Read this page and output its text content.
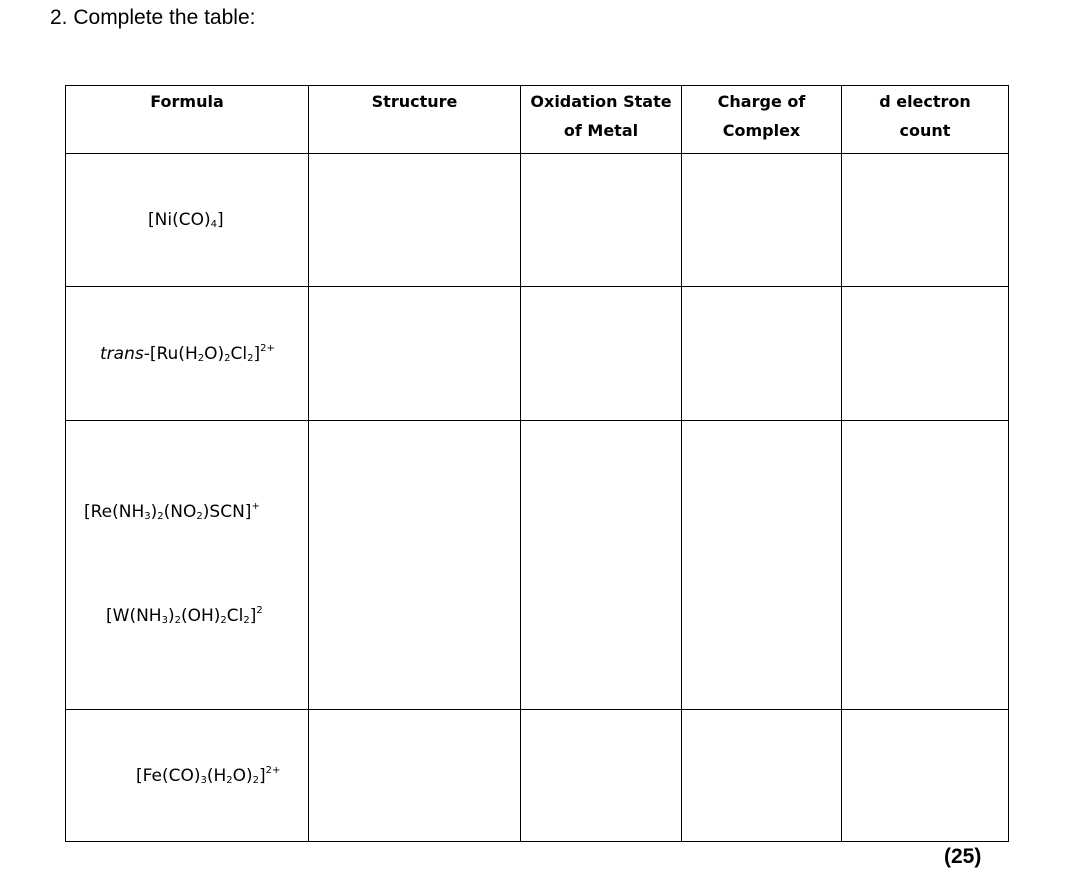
2. Complete the table:
Formula	Structure	Oxidation State
of Metal
Charge of
Complex
d electron
count
$[Ni(CO)_4]$
trans-$[Ru(H_2O)_2Cl_2]^{2+}$
$[Re(NH_3)_2(NO_2)SCN]^+$
$[W(NH_3)_2(OH)_2Cl_2]^2$
$[Fe(CO)_3(H_2O)_2]^{2+}$
(25)
